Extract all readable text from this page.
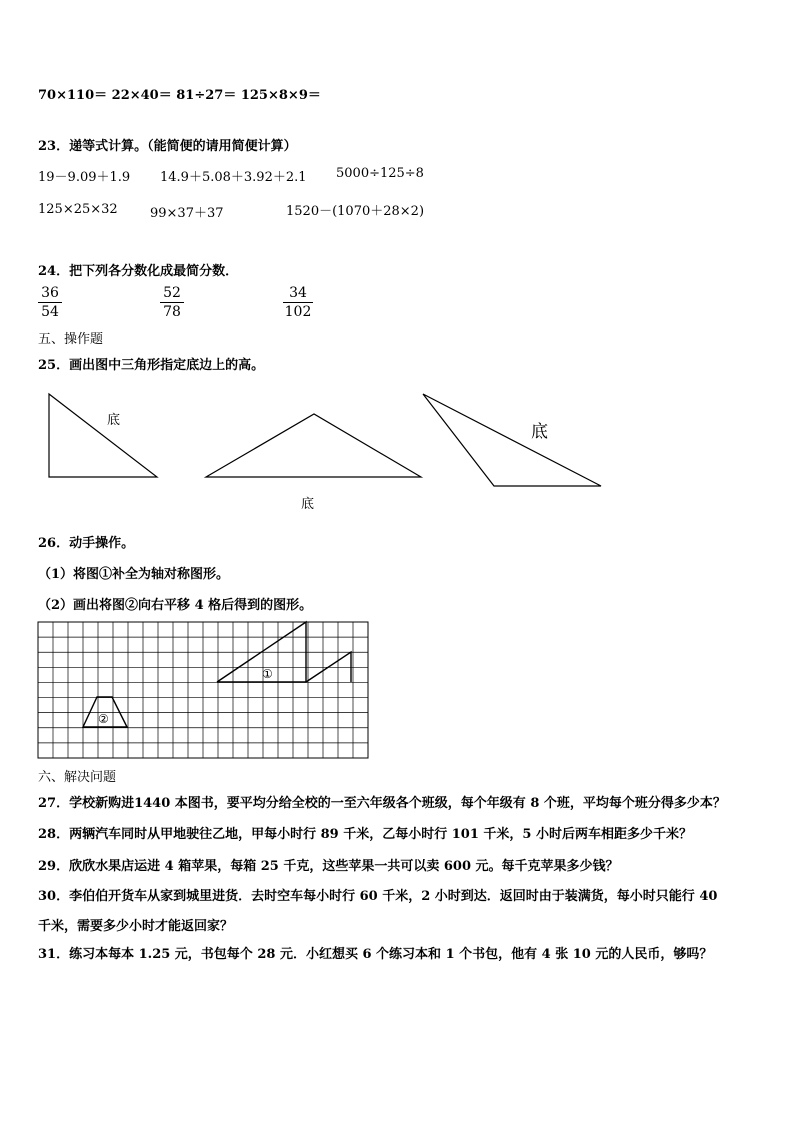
70×110＝ 22×40＝ 81÷27＝ 125×8×9＝
23．递等式计算。（能简便的请用简便计算）
19－9.09＋1.9 14.9＋5.08＋3.92＋2.1 5000÷125÷8
125×25×32 99×37＋37	1520－(1070＋28×2)
24．把下列各分数化成最简分数．
36
54
52
78
34
102
五、操作题
25．画出图中三角形指定底边上的高。
底
底
底
26．动手操作。
（1）将图①补全为轴对称图形。
（2）画出将图②向右平移 4 格后得到的图形。
①
②
六、解决问题
27．学校新购进1440 本图书，要平均分给全校的一至六年级各个班级，每个年级有 8 个班，平均每个班分得多少本？
28．两辆汽车同时从甲地驶往乙地，甲每小时行 89 千米，乙每小时行 101 千米，5 小时后两车相距多少千米？
29．欣欣水果店运进 4 箱苹果，每箱 25 千克，这些苹果一共可以卖 600 元。每千克苹果多少钱？
30．李伯伯开货车从家到城里进货．去时空车每小时行 60 千米，2 小时到达．返回时由于装满货，每小时只能行 40
千米，需要多少小时才能返回家？
31．练习本每本 1.25 元，书包每个 28 元．小红想买 6 个练习本和 1 个书包，他有 4 张 10 元的人民币，够吗？
